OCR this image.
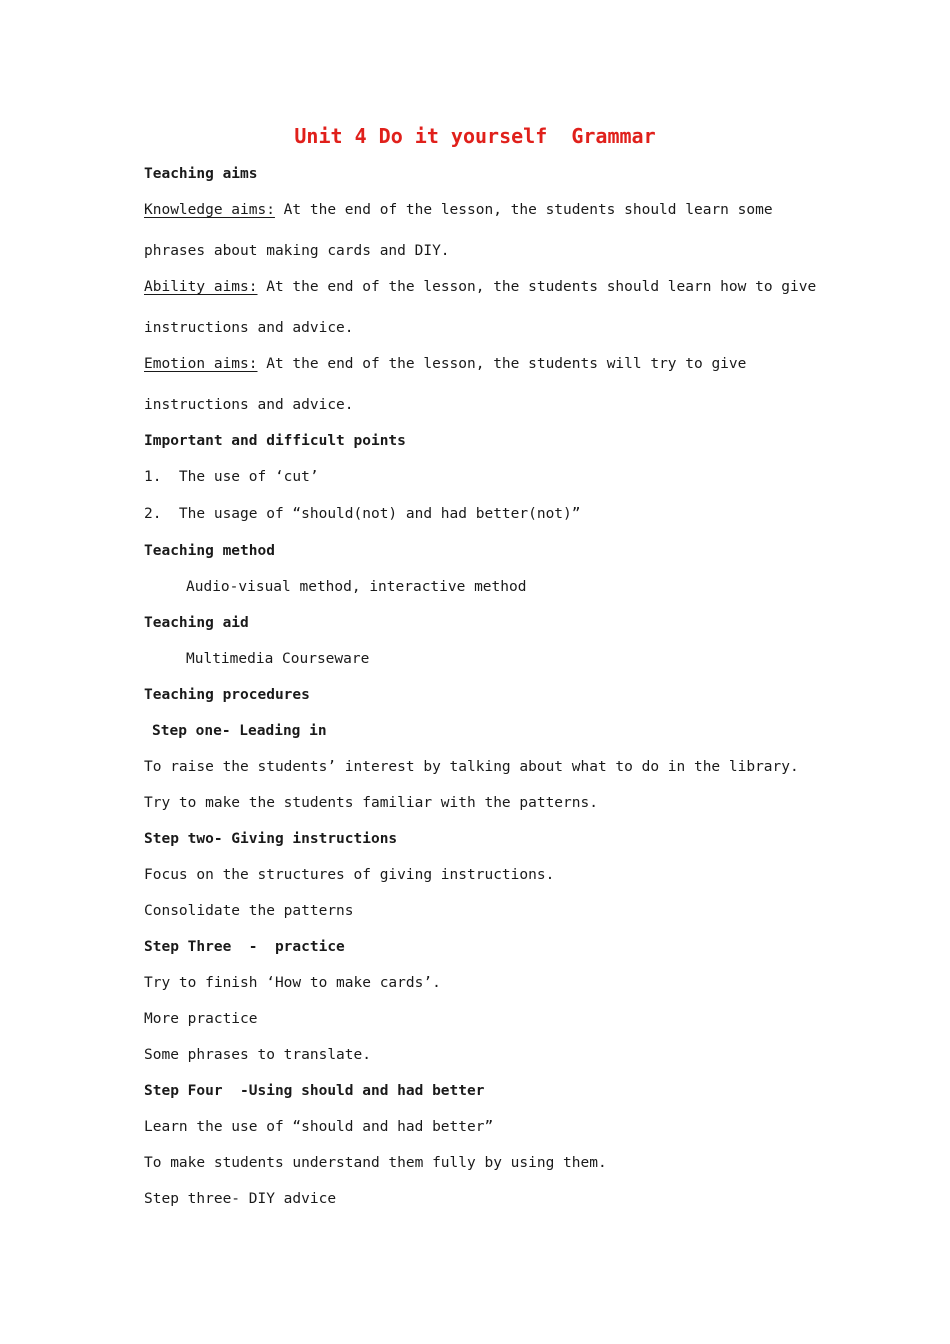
Unit 4 Do it yourself  Grammar
Teaching aims
Knowledge aims: At the end of the lesson, the students should learn some
phrases about making cards and DIY.
Ability aims: At the end of the lesson, the students should learn how to give
instructions and advice.
Emotion aims: At the end of the lesson, the students will try to give
instructions and advice.
Important and difficult points
1.  The use of ‘cut’
2.  The usage of “should(not) and had better(not)”
Teaching method
Audio-visual method, interactive method
Teaching aid
Multimedia Courseware
Teaching procedures
Step one- Leading in
To raise the students’ interest by talking about what to do in the library.
Try to make the students familiar with the patterns.
Step two- Giving instructions
Focus on the structures of giving instructions.
Consolidate the patterns
Step Three  -  practice
Try to finish ‘How to make cards’.
More practice
Some phrases to translate.
Step Four  -Using should and had better
Learn the use of “should and had better”
To make students understand them fully by using them.
Step three- DIY advice
